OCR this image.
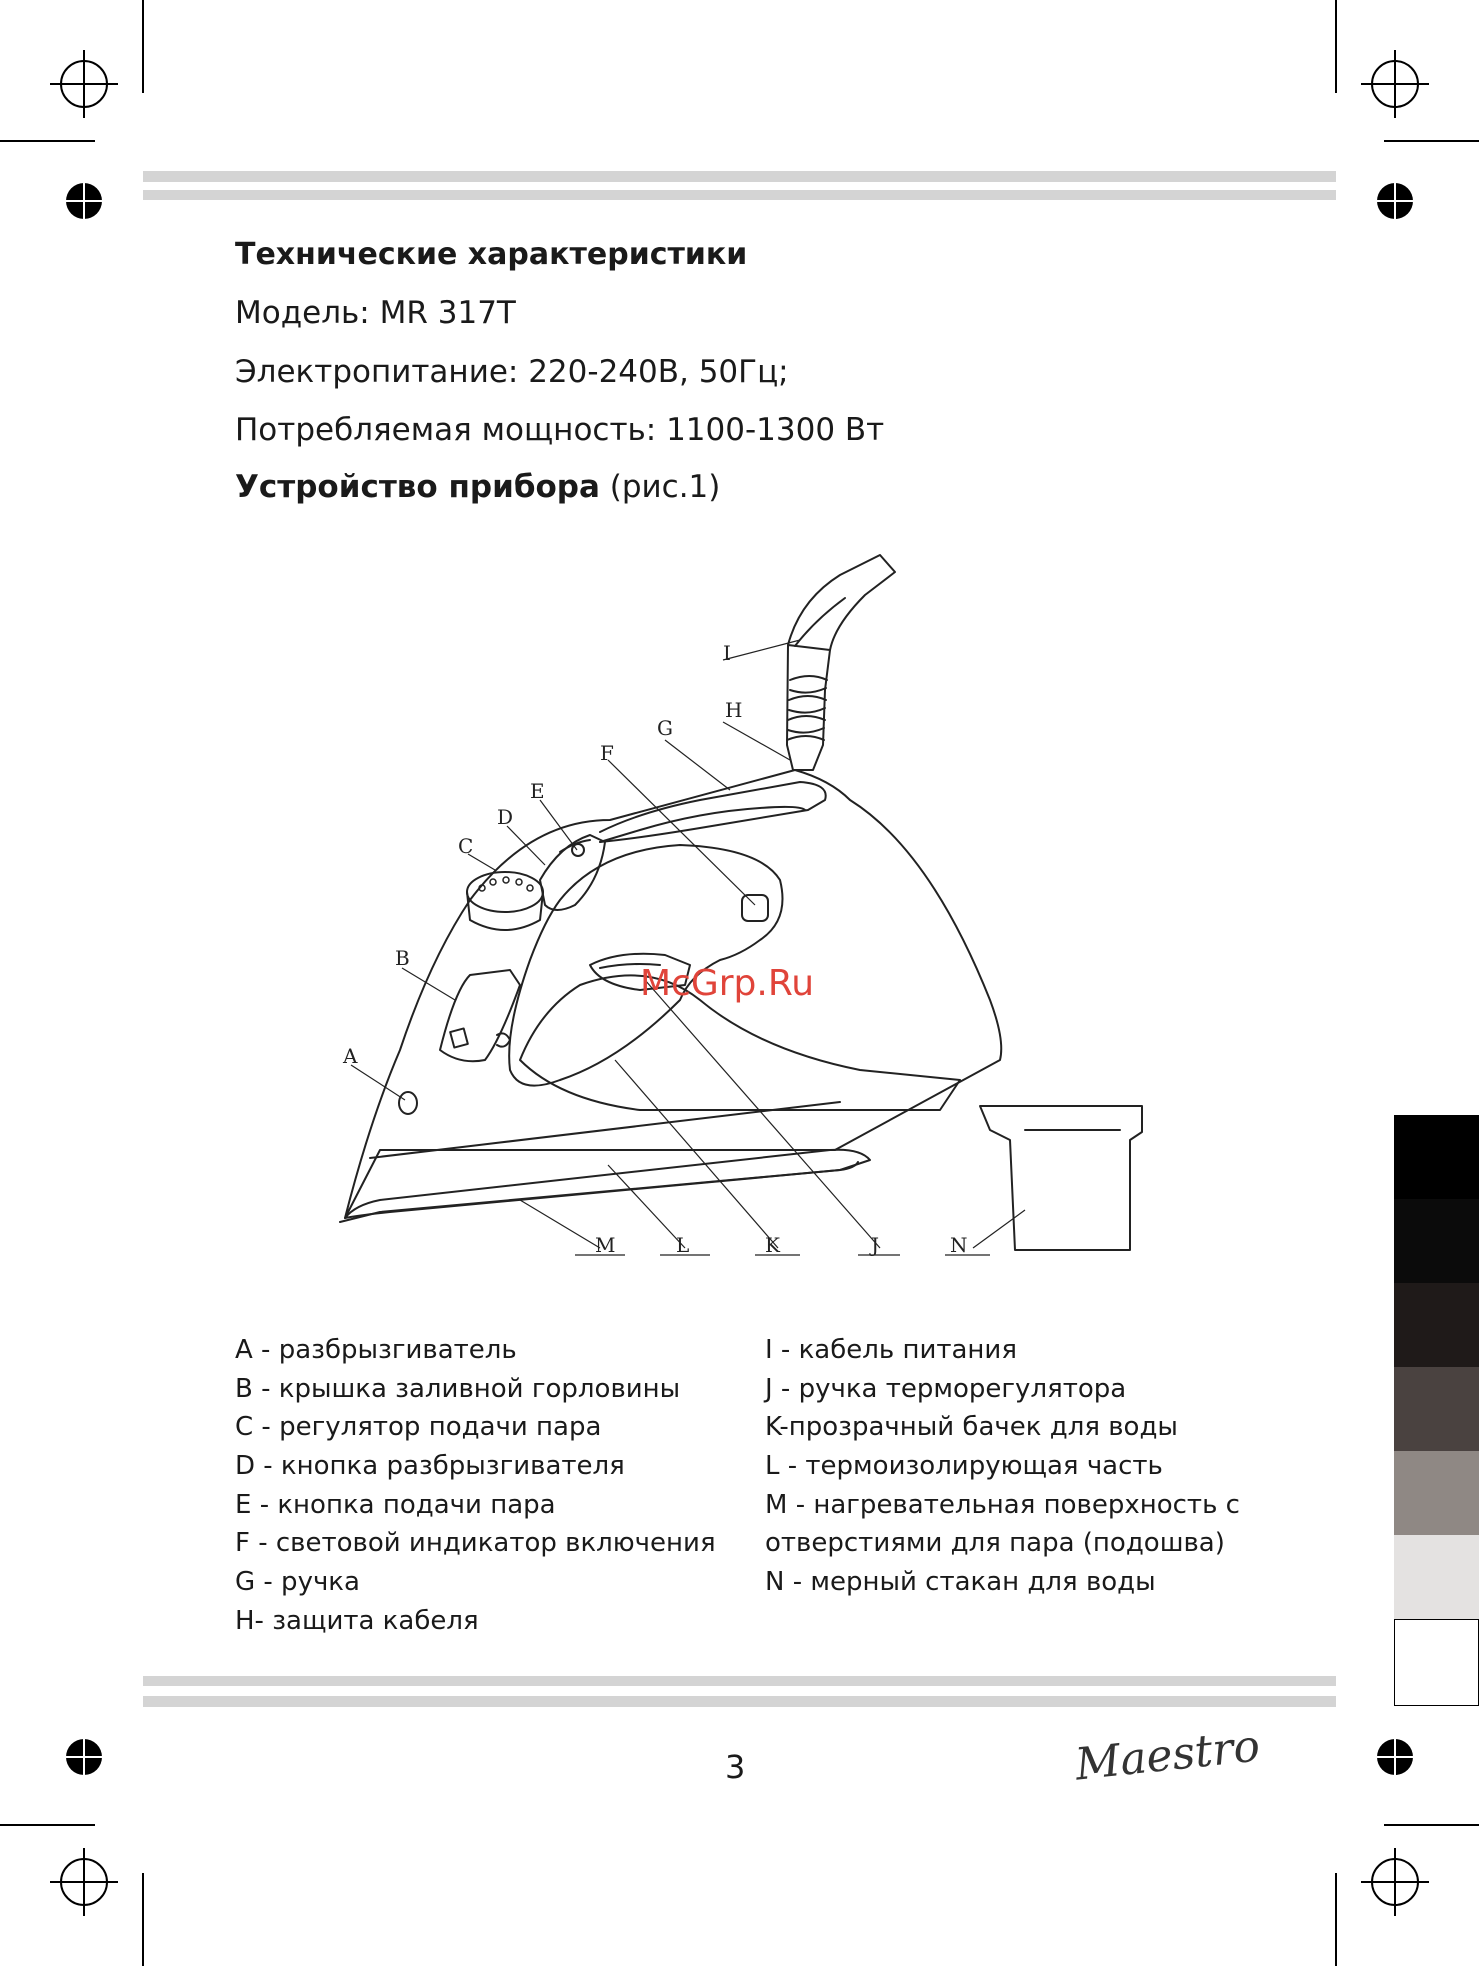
Технические характеристики
Модель: MR 317T
Электропитание: 220-240В, 50Гц;
Потребляемая мощность: 1100-1300 Вт
Устройство прибора (рис.1)
A
B
C
D
E
F
G
H
I
J
K
L
M	N
McGrp.Ru
A - разбрызгиватель
B - крышка заливной горловины
C - регулятор подачи пара
D - кнопка разбрызгивателя
E - кнопка подачи пара
F - световой индикатор включения
G - ручка
H- защита кабеля
I - кабель питания
J - ручка терморегулятора
K-прозрачный бачек для воды
L - термоизолирующая часть
M - нагревательная поверхность с
отверстиями для пара (подошва)
N - мерный стакан для воды
3	Maestro
